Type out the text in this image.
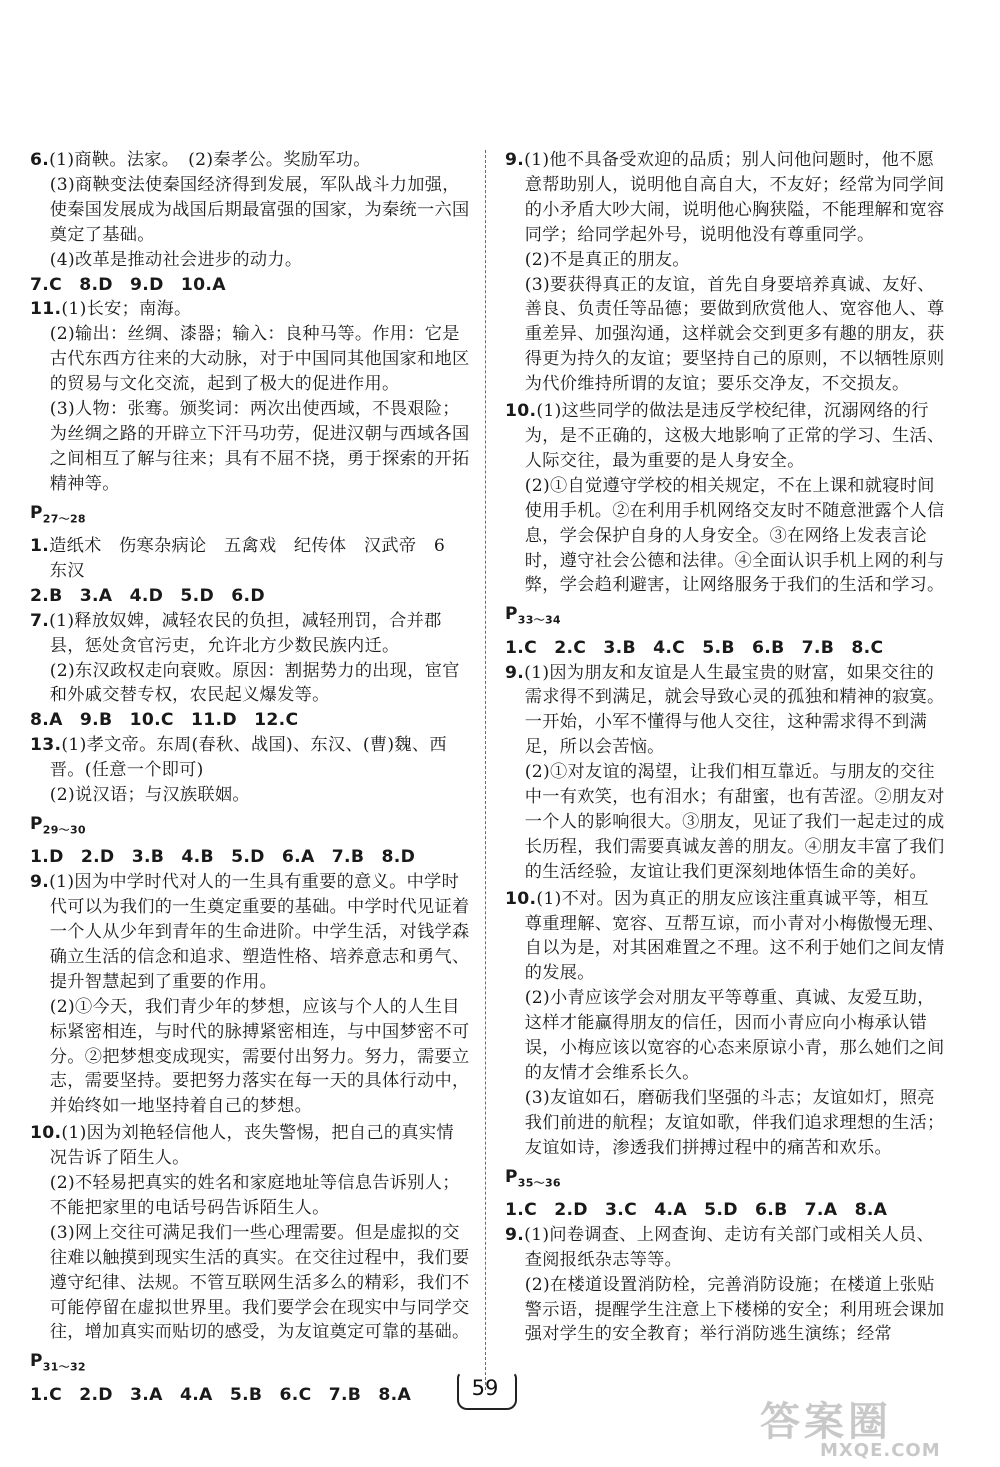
6.(1)商鞅。法家。　(2)秦孝公。奖励军功。
(3)商鞅变法使秦国经济得到发展，军队战斗力加强，使秦国发展成为战国后期最富强的国家，为秦统一六国奠定了基础。
(4)改革是推动社会进步的动力。
7.C 8.D 9.D 10.A
11.(1)长安；南海。
(2)输出：丝绸、漆器；输入：良种马等。作用：它是古代东西方往来的大动脉，对于中国同其他国家和地区的贸易与文化交流，起到了极大的促进作用。
(3)人物：张骞。颁奖词：两次出使西域，不畏艰险；为丝绸之路的开辟立下汗马功劳，促进汉朝与西域各国之间相互了解与往来；具有不屈不挠，勇于探索的开拓精神等。
$P_{27\sim 28}$
1.造纸术　伤寒杂病论　五禽戏　纪传体　汉武帝　6　东汉
2.B 3.A 4.D 5.D 6.D
7.(1)释放奴婢，减轻农民的负担，减轻刑罚，合并郡县，惩处贪官污吏，允许北方少数民族内迁。
(2)东汉政权走向衰败。原因：割据势力的出现，宦官和外戚交替专权，农民起义爆发等。
8.A 9.B 10.C 11.D 12.C
13.(1)孝文帝。东周(春秋、战国)、东汉、(曹)魏、西晋。(任意一个即可)
(2)说汉语；与汉族联姻。
$P_{29\sim 30}$
1.D 2.D 3.B 4.B 5.D 6.A 7.B 8.D
9.(1)因为中学时代对人的一生具有重要的意义。中学时代可以为我们的一生奠定重要的基础。中学时代见证着一个人从少年到青年的生命进阶。中学生活，对钱学森确立生活的信念和追求、塑造性格、培养意志和勇气、提升智慧起到了重要的作用。
(2)①今天，我们青少年的梦想，应该与个人的人生目标紧密相连，与时代的脉搏紧密相连，与中国梦密不可分。②把梦想变成现实，需要付出努力。努力，需要立志，需要坚持。要把努力落实在每一天的具体行动中，并始终如一地坚持着自己的梦想。
10.(1)因为刘艳轻信他人，丧失警惕，把自己的真实情况告诉了陌生人。
(2)不轻易把真实的姓名和家庭地址等信息告诉别人；不能把家里的电话号码告诉陌生人。
(3)网上交往可满足我们一些心理需要。但是虚拟的交往难以触摸到现实生活的真实。在交往过程中，我们要遵守纪律、法规。不管互联网生活多么的精彩，我们不可能停留在虚拟世界里。我们要学会在现实中与同学交往，增加真实而贴切的感受，为友谊奠定可靠的基础。
$P_{31\sim 32}$
1.C 2.D 3.A 4.A 5.B 6.C 7.B 8.A
9.(1)他不具备受欢迎的品质；别人问他问题时，他不愿意帮助别人，说明他自高自大，不友好；经常为同学间的小矛盾大吵大闹，说明他心胸狭隘，不能理解和宽容同学；给同学起外号，说明他没有尊重同学。
(2)不是真正的朋友。
(3)要获得真正的友谊，首先自身要培养真诚、友好、善良、负责任等品德；要做到欣赏他人、宽容他人、尊重差异、加强沟通，这样就会交到更多有趣的朋友，获得更为持久的友谊；要坚持自己的原则，不以牺牲原则为代价维持所谓的友谊；要乐交净友，不交损友。
10.(1)这些同学的做法是违反学校纪律，沉溺网络的行为，是不正确的，这极大地影响了正常的学习、生活、人际交往，最为重要的是人身安全。
(2)①自觉遵守学校的相关规定，不在上课和就寝时间使用手机。②在利用手机网络交友时不随意泄露个人信息，学会保护自身的人身安全。③在网络上发表言论时，遵守社会公德和法律。④全面认识手机上网的利与弊，学会趋利避害，让网络服务于我们的生活和学习。
$P_{33\sim 34}$
1.C 2.C 3.B 4.C 5.B 6.B 7.B 8.C
9.(1)因为朋友和友谊是人生最宝贵的财富，如果交往的需求得不到满足，就会导致心灵的孤独和精神的寂寞。一开始，小军不懂得与他人交往，这种需求得不到满足，所以会苦恼。
(2)①对友谊的渴望，让我们相互靠近。与朋友的交往中一有欢笑，也有泪水；有甜蜜，也有苦涩。②朋友对一个人的影响很大。③朋友，见证了我们一起走过的成长历程，我们需要真诚友善的朋友。④朋友丰富了我们的生活经验，友谊让我们更深刻地体悟生命的美好。
10.(1)不对。因为真正的朋友应该注重真诚平等，相互尊重理解、宽容、互帮互谅，而小青对小梅傲慢无理、自以为是，对其困难置之不理。这不利于她们之间友情的发展。
(2)小青应该学会对朋友平等尊重、真诚、友爱互助，这样才能赢得朋友的信任，因而小青应向小梅承认错误，小梅应该以宽容的心态来原谅小青，那么她们之间的友情才会维系长久。
(3)友谊如石，磨砺我们坚强的斗志；友谊如灯，照亮我们前进的航程；友谊如歌，伴我们追求理想的生活；友谊如诗，渗透我们拼搏过程中的痛苦和欢乐。
$P_{35\sim 36}$
1.C 2.D 3.C 4.A 5.D 6.B 7.A 8.A
9.(1)问卷调查、上网查询、走访有关部门或相关人员、查阅报纸杂志等等。
(2)在楼道设置消防栓，完善消防设施；在楼道上张贴警示语，提醒学生注意上下楼梯的安全；利用班会课加强对学生的安全教育；举行消防逃生演练；经常
59
答案圈
MXQE.COM
